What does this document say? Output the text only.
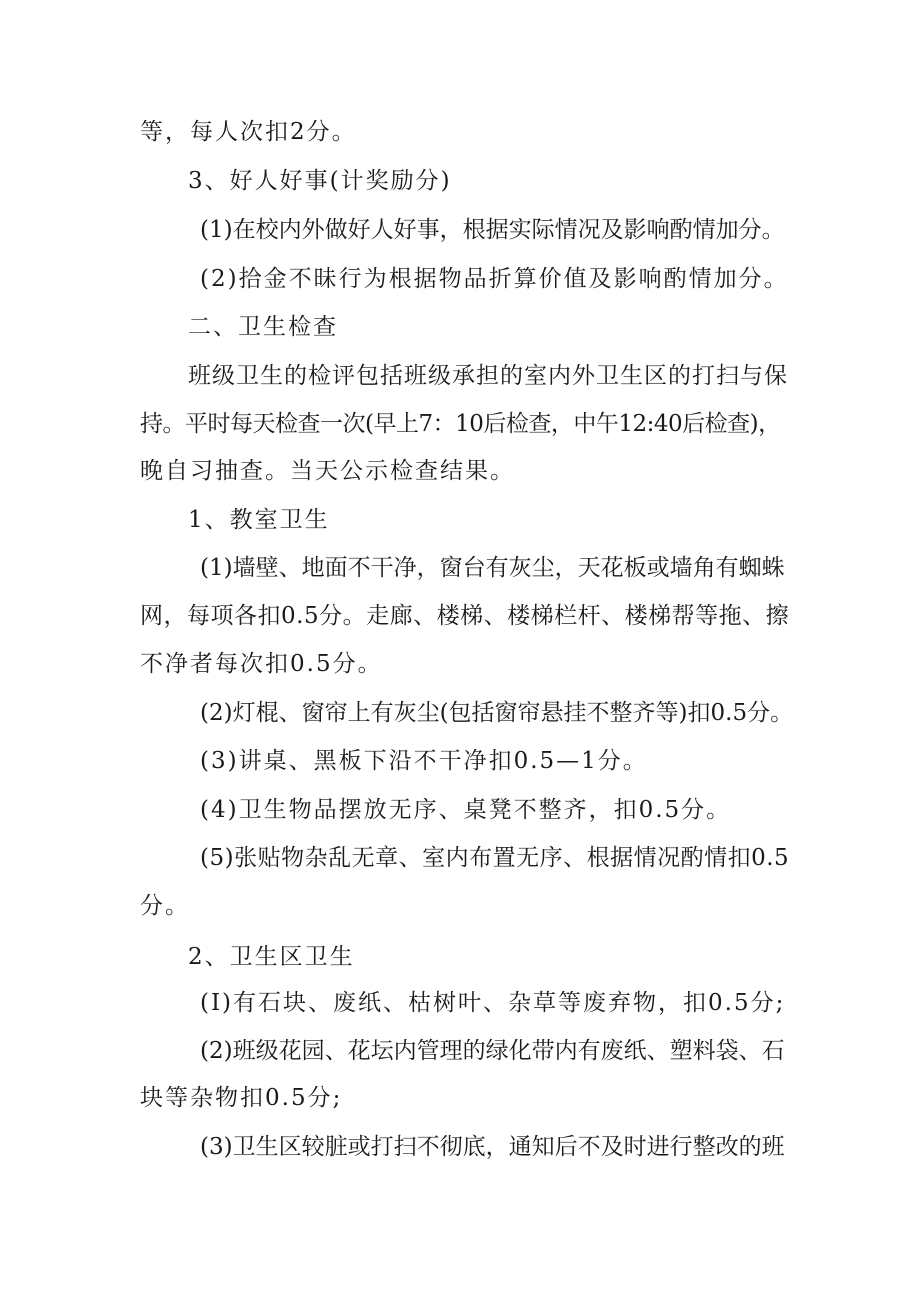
等，每人次扣2分。
3、好人好事(计奖励分)
(1)在校内外做好人好事，根据实际情况及影响酌情加分。
(2)拾金不昧行为根据物品折算价值及影响酌情加分。
二、卫生检查
班级卫生的检评包括班级承担的室内外卫生区的打扫与保
持。平时每天检查一次(早上7：10后检查，中午12:40后检查)，
晚自习抽查。当天公示检查结果。
1、教室卫生
(1)墙壁、地面不干净，窗台有灰尘，天花板或墙角有蜘蛛
网，每项各扣0.5分。走廊、楼梯、楼梯栏杆、楼梯帮等拖、擦
不净者每次扣0.5分。
(2)灯棍、窗帘上有灰尘(包括窗帘悬挂不整齐等)扣0.5分。
(3)讲桌、黑板下沿不干净扣0.5—1分。
(4)卫生物品摆放无序、桌凳不整齐，扣0.5分。
(5)张贴物杂乱无章、室内布置无序、根据情况酌情扣0.5
分。
2、卫生区卫生
(I)有石块、废纸、枯树叶、杂草等废弃物，扣0.5分;
(2)班级花园、花坛内管理的绿化带内有废纸、塑料袋、石
块等杂物扣0.5分;
(3)卫生区较脏或打扫不彻底，通知后不及时进行整改的班
